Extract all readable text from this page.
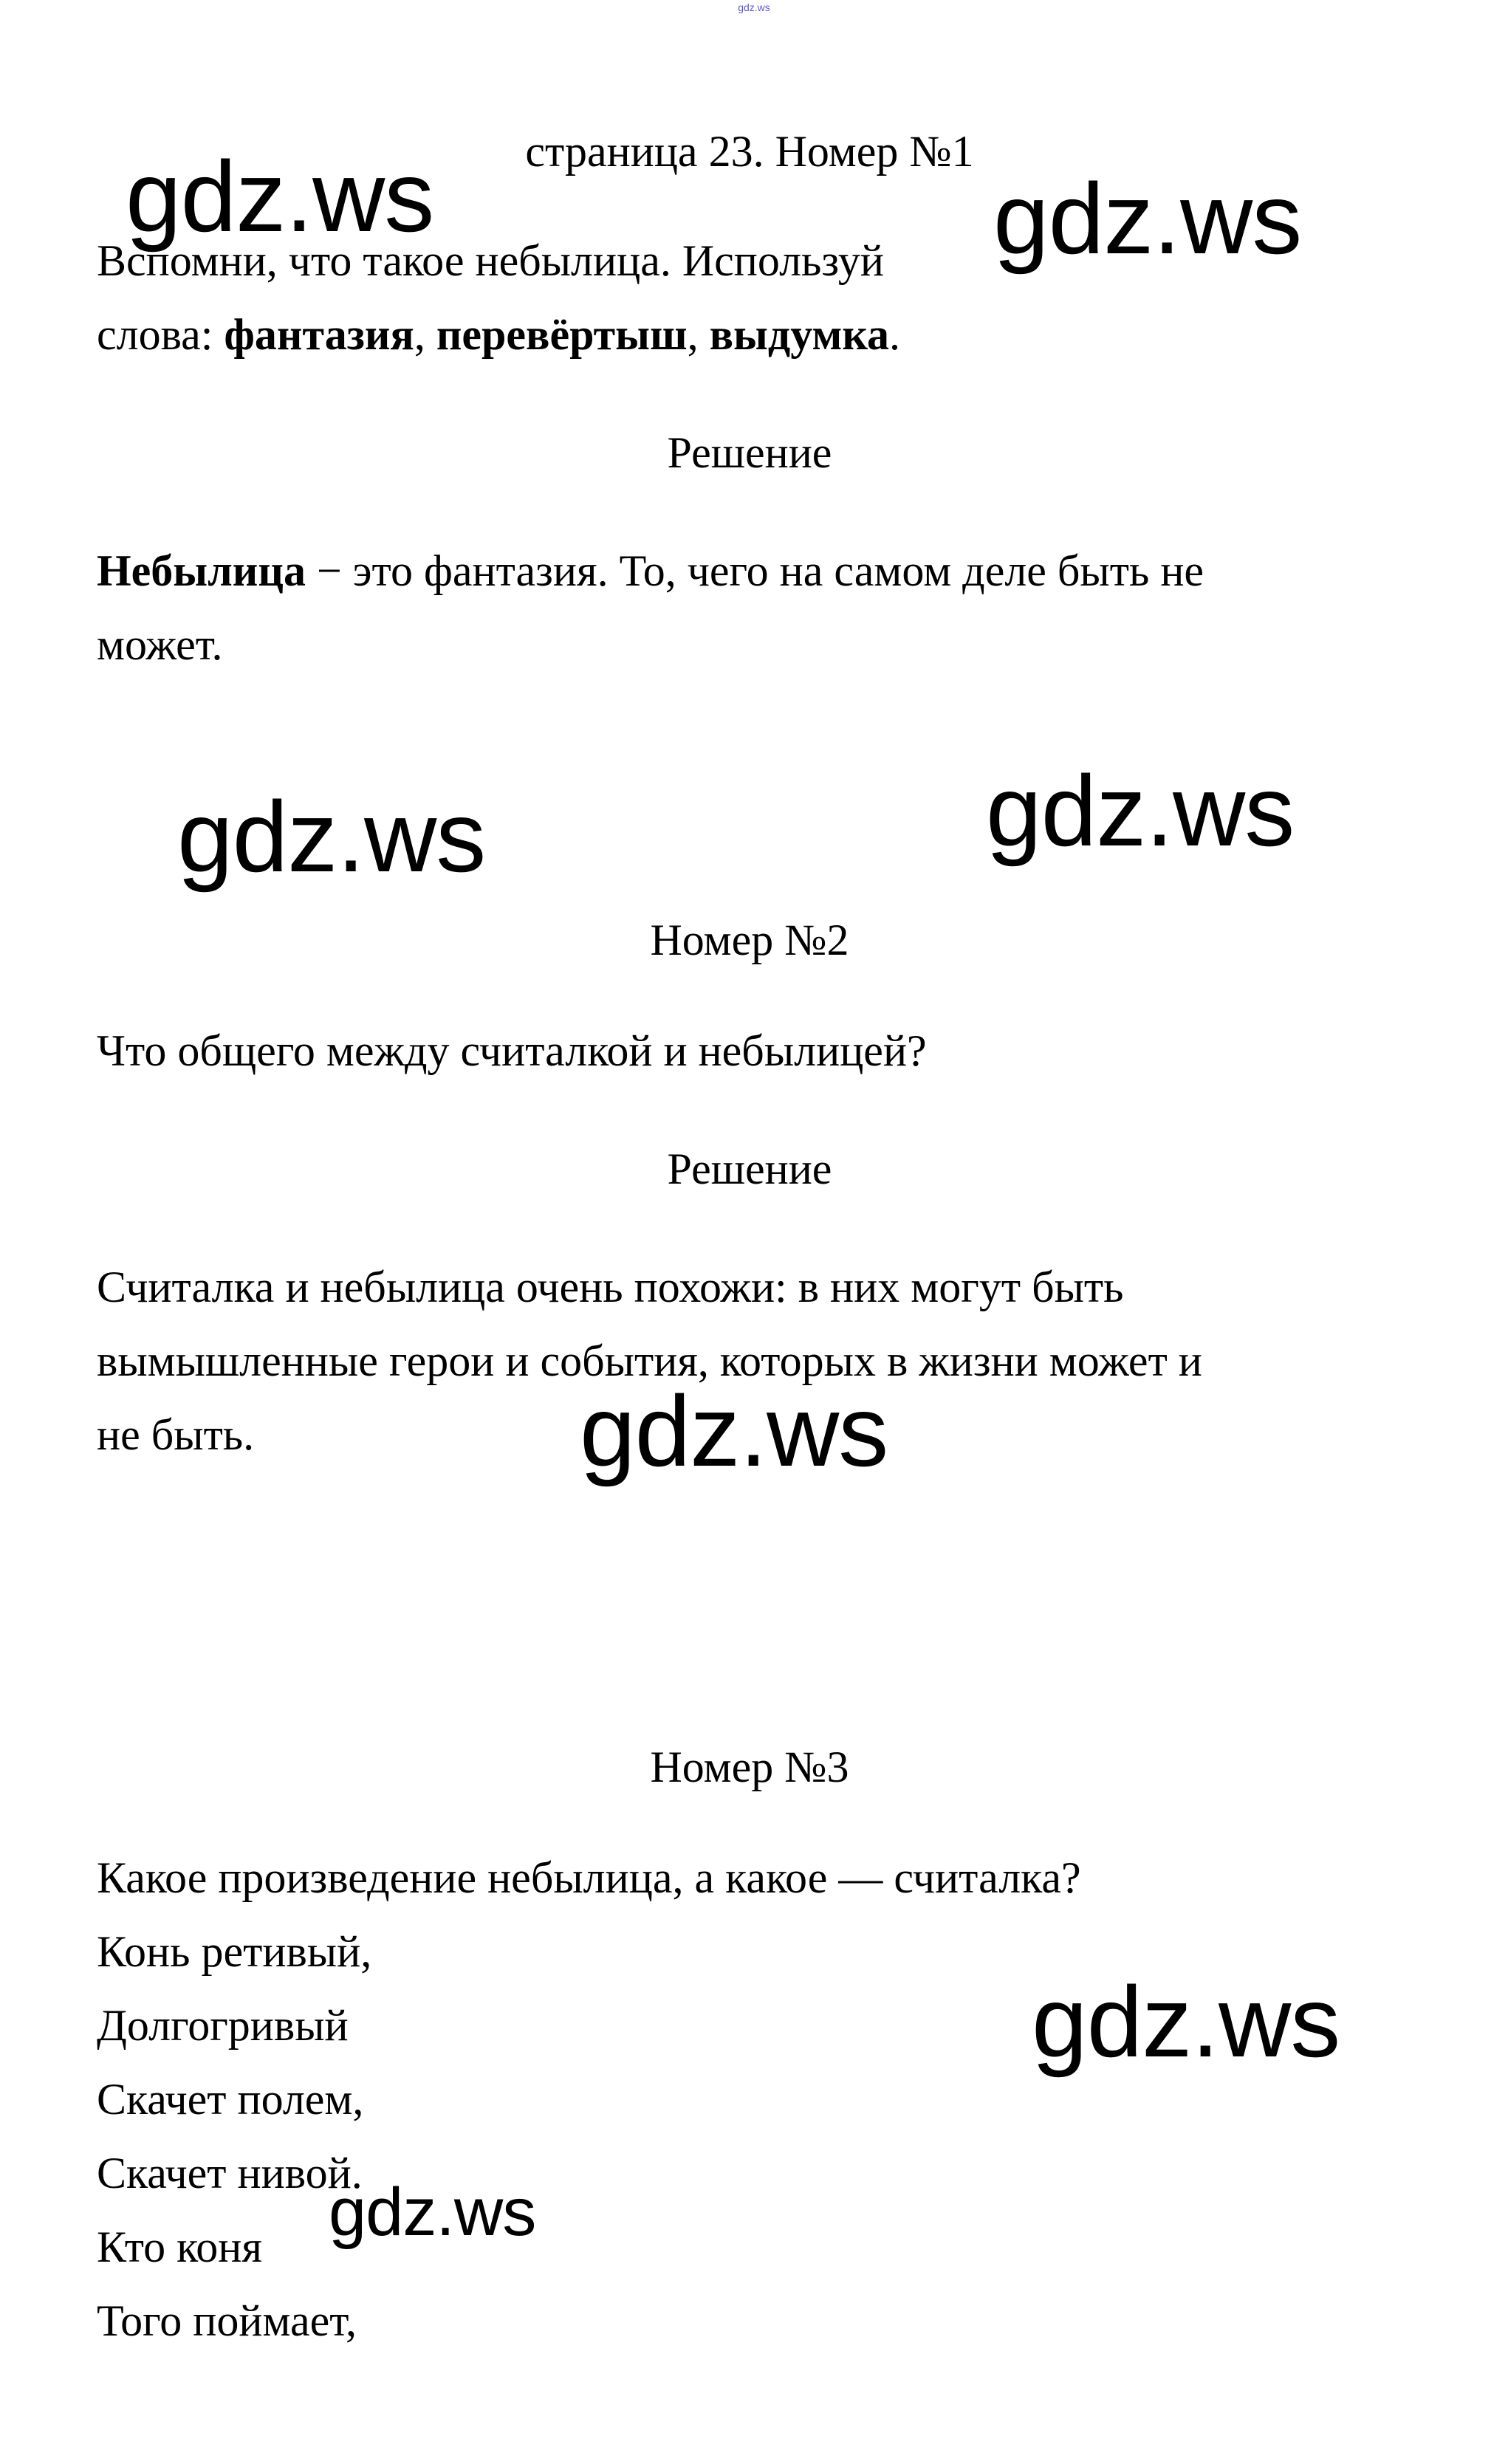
gdz.ws
страница 23. Номер №1
Вспомни, что такое небылица. Используй
слова: фантазия, перевёртыш, выдумка.
Решение
Небылица − это фантазия. То, чего на самом деле быть не
может.
Номер №2
Что общего между считалкой и небылицей?
Решение
Считалка и небылица очень похожи: в них могут быть
вымышленные герои и события, которых в жизни может и
не быть.
Номер №3
Какое произведение небылица, а какое — считалка?
Конь ретивый,
Долгогривый
Скачет полем,
Скачет нивой.
Кто коня
Того поймает,
gdz.ws	gdz.ws
gdz.ws	gdz.ws
gdz.ws
gdz.ws
gdz.ws
